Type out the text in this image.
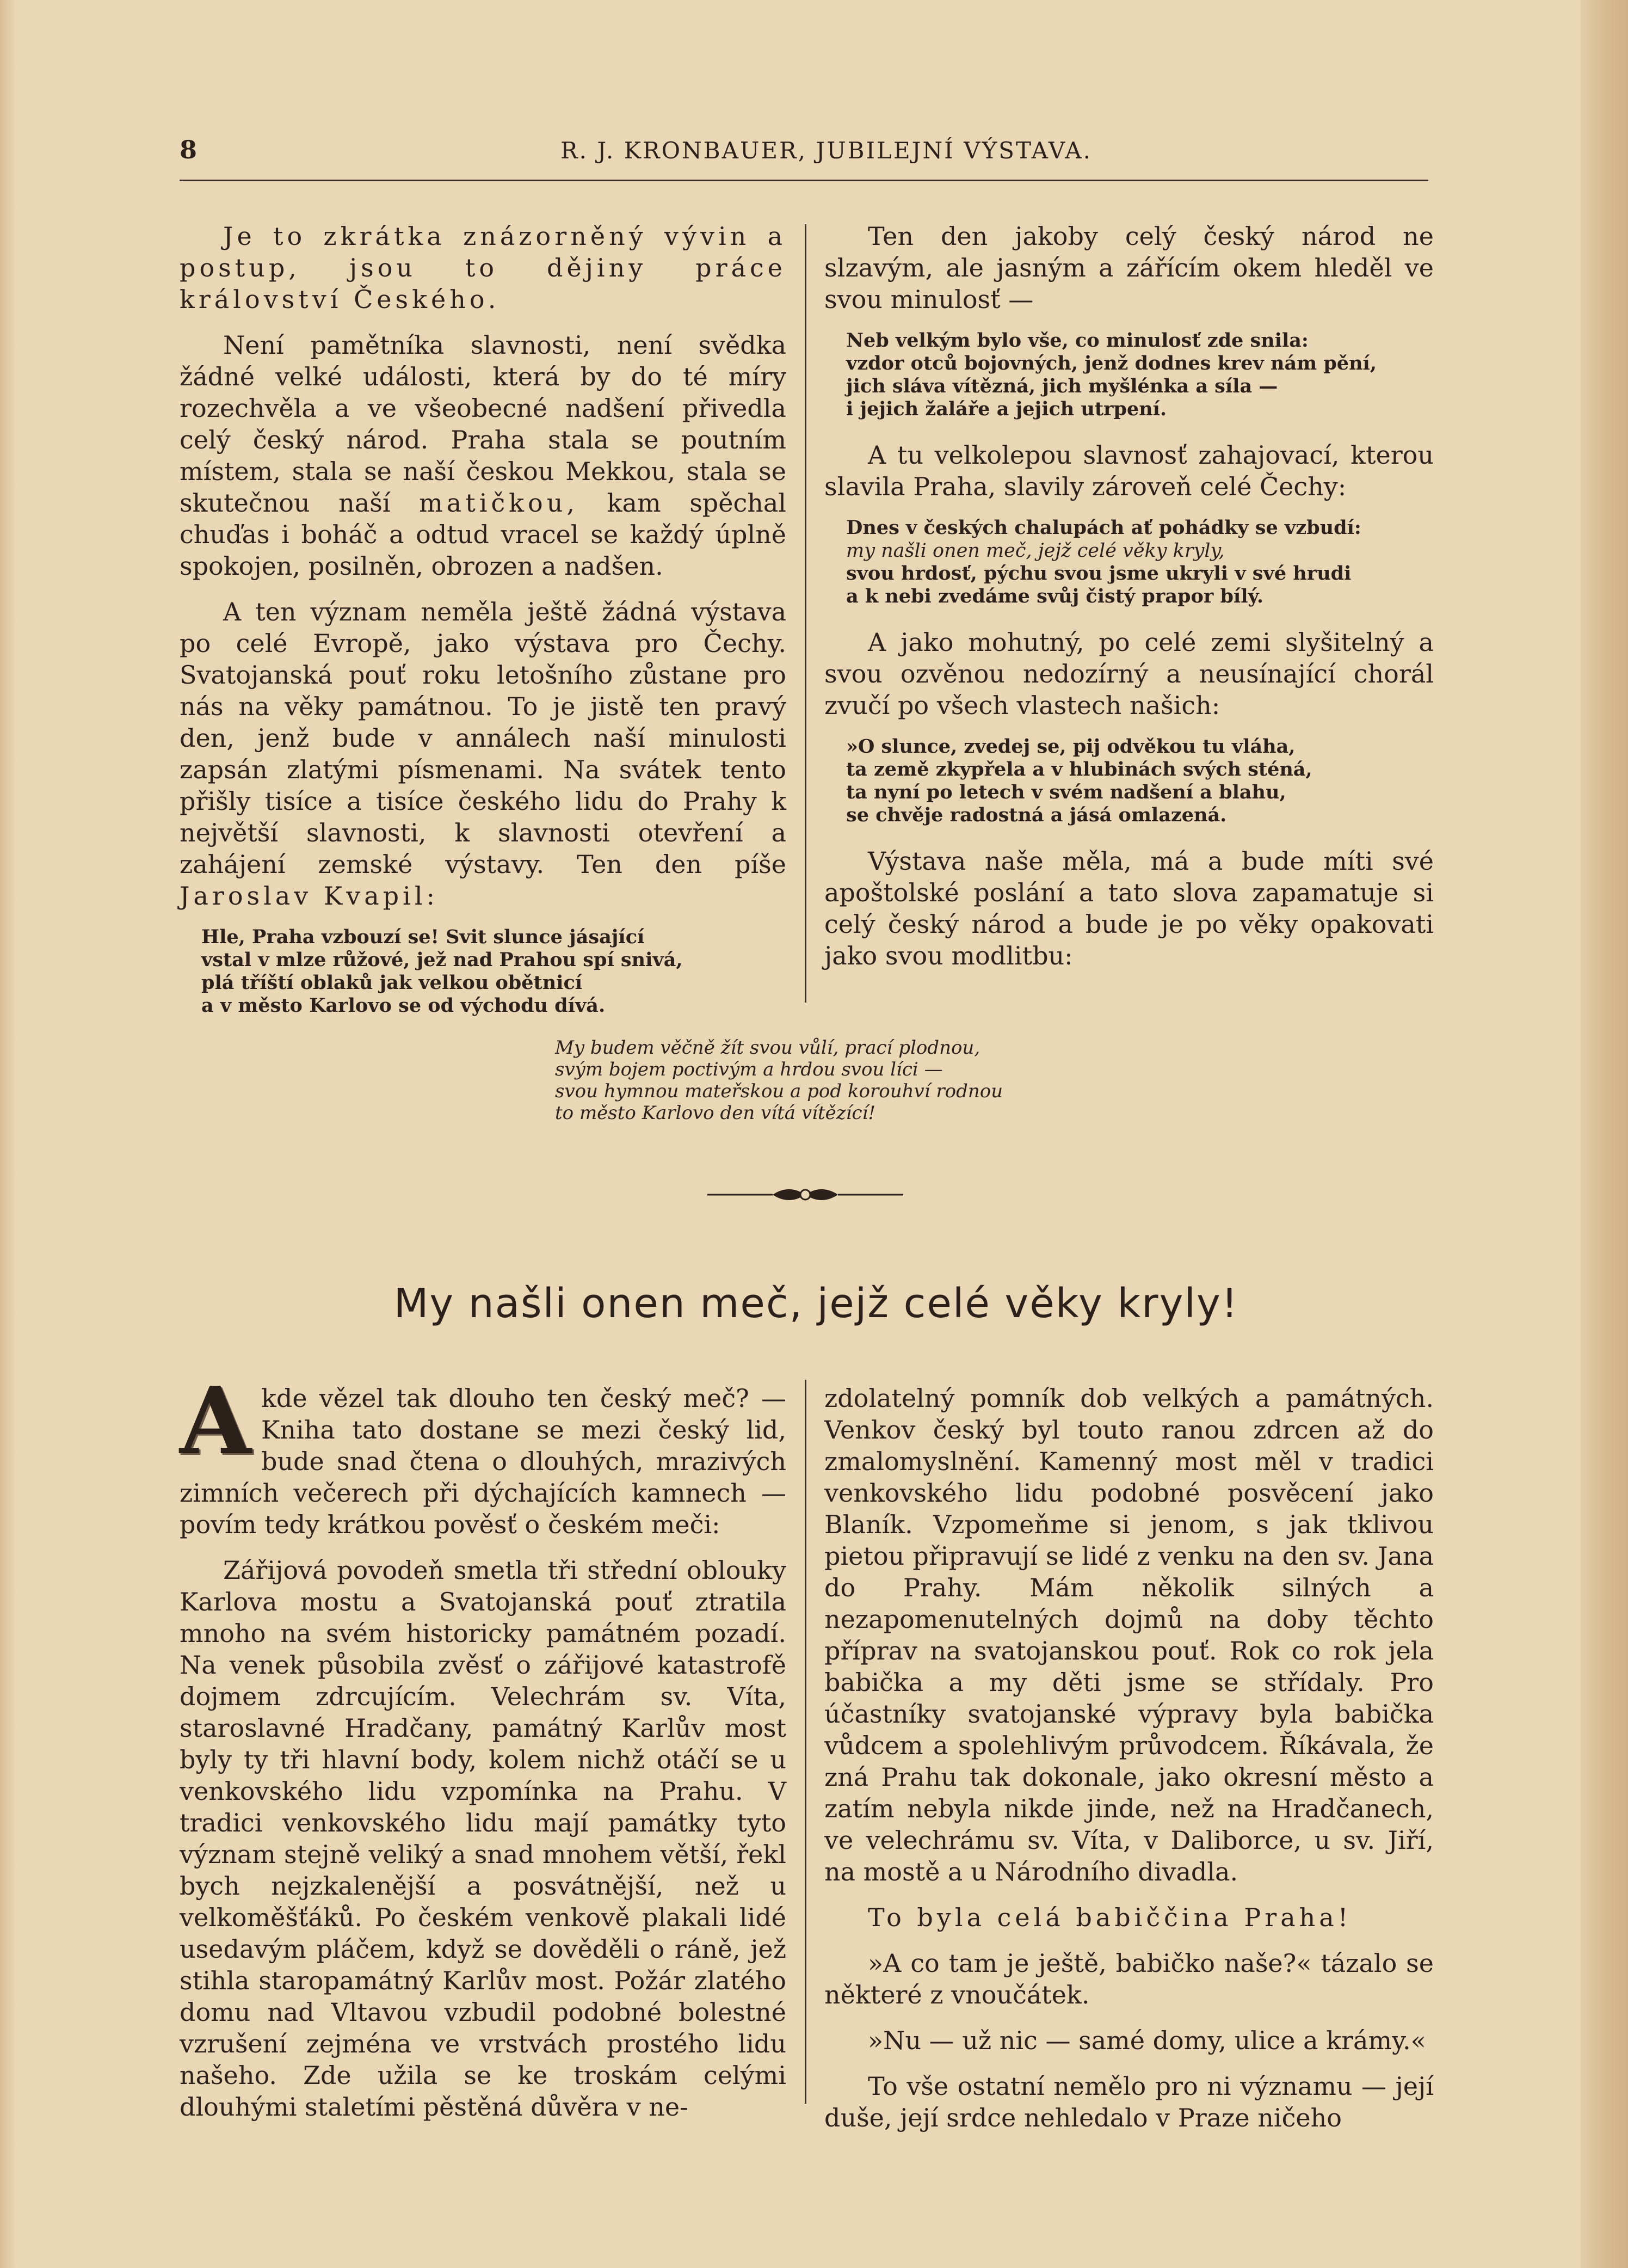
8	R. J. KRONBAUER, JUBILEJNÍ VÝSTAVA.

Je to zkrátka znázorněný vývin a postup, jsou to dějiny práce království Českého.

Není pamětníka slavnosti, není svědka žádné velké události, která by do té míry rozechvěla a ve všeobecné nadšení přivedla celý český národ. Praha stala se poutním místem, stala se naší českou Mekkou, stala se skutečnou naší matičkou, kam spěchal chuďas i boháč a odtud vracel se každý úplně spokojen, posilněn, obrozen a nadšen.

A ten význam neměla ještě žádná výstava po celé Evropě, jako výstava pro Čechy. Svatojanská pouť roku letošního zůstane pro nás na věky památnou. To je jistě ten pravý den, jenž bude v annálech naší minulosti zapsán zlatými písmenami. Na svátek tento přišly tisíce a tisíce českého lidu do Prahy k největší slavnosti, k slavnosti otevření a zahájení zemské výstavy. Ten den píše Jaroslav Kvapil:

Hle, Praha vzbouzí se! Svit slunce jásající
vstal v mlze růžové, jež nad Prahou spí snivá,
plá tříští oblaků jak velkou obětnicí
a v město Karlovo se od východu dívá.

Ten den jakoby celý český národ ne slzavým, ale jasným a zářícím okem hleděl ve svou minulosť —

Neb velkým bylo vše, co minulosť zde snila:
vzdor otců bojovných, jenž dodnes krev nám pění,
jich sláva vítězná, jich myšlénka a síla —
i jejich žaláře a jejich utrpení.

A tu velkolepou slavnosť zahajovací, kterou slavila Praha, slavily zároveň celé Čechy:

Dnes v českých chalupách ať pohádky se vzbudí:
my našli onen meč, jejž celé věky kryly,
svou hrdosť, pýchu svou jsme ukryli v své hrudi
a k nebi zvedáme svůj čistý prapor bílý.

A jako mohutný, po celé zemi slyšitelný a svou ozvěnou nedozírný a neusínající chorál zvučí po všech vlastech našich:

»O slunce, zvedej se, pij odvěkou tu vláha,
ta země zkypřela a v hlubinách svých sténá,
ta nyní po letech v svém nadšení a blahu,
se chvěje radostná a jásá omlazená.

Výstava naše měla, má a bude míti své apoštolské poslání a tato slova zapamatuje si celý český národ a bude je po věky opakovati jako svou modlitbu:

My budem věčně žít svou vůlí, prací plodnou,
svým bojem poctivým a hrdou svou líci —
svou hymnou mateřskou a pod korouhví rodnou
to město Karlovo den vítá vítězící!
My našli onen meč, jejž celé věky kryly!

A kde vězel tak dlouho ten český meč? — Kniha tato dostane se mezi český lid, bude snad čtena o dlouhých, mrazivých zimních večerech při dýchajících kamnech — povím tedy krátkou pověsť o českém meči:

Zářijová povodeň smetla tři střední oblouky Karlova mostu a Svatojanská pouť ztratila mnoho na svém historicky památném pozadí. Na venek působila zvěsť o zářijové katastrofě dojmem zdrcujícím. Velechrám sv. Víta, staroslavné Hradčany, památný Karlův most byly ty tři hlavní body, kolem nichž otáčí se u venkovského lidu vzpomínka na Prahu. V tradici venkovského lidu mají památky tyto význam stejně veliký a snad mnohem větší, řekl bych nejzkalenější a posvátnější, než u velkoměšťáků. Po českém venkově plakali lidé usedavým pláčem, když se dověděli o ráně, jež stihla staropamátný Karlův most. Požár zlatého domu nad Vltavou vzbudil podobné bolestné vzrušení zejména ve vrstvách prostého lidu našeho. Zde užila se ke troskám celými dlouhými staletími pěstěná důvěra v ne-

zdolatelný pomník dob velkých a památných. Venkov český byl touto ranou zdrcen až do zmalomyslnění. Kamenný most měl v tradici venkovského lidu podobné posvěcení jako Blaník. Vzpomeňme si jenom, s jak tklivou pietou připravují se lidé z venku na den sv. Jana do Prahy. Mám několik silných a nezapomenutelných dojmů na doby těchto příprav na svatojanskou pouť. Rok co rok jela babička a my děti jsme se střídaly. Pro účastníky svatojanské výpravy byla babička vůdcem a spolehlivým průvodcem. Říkávala, že zná Prahu tak dokonale, jako okresní město a zatím nebyla nikde jinde, než na Hradčanech, ve velechrámu sv. Víta, v Daliborce, u sv. Jiří, na mostě a u Národního divadla.

To byla celá babiččina Praha!

»A co tam je ještě, babičko naše?« tázalo se některé z vnoučátek.

»Nu — už nic — samé domy, ulice a krámy.«

To vše ostatní nemělo pro ni významu — její duše, její srdce nehledalo v Praze ničeho
